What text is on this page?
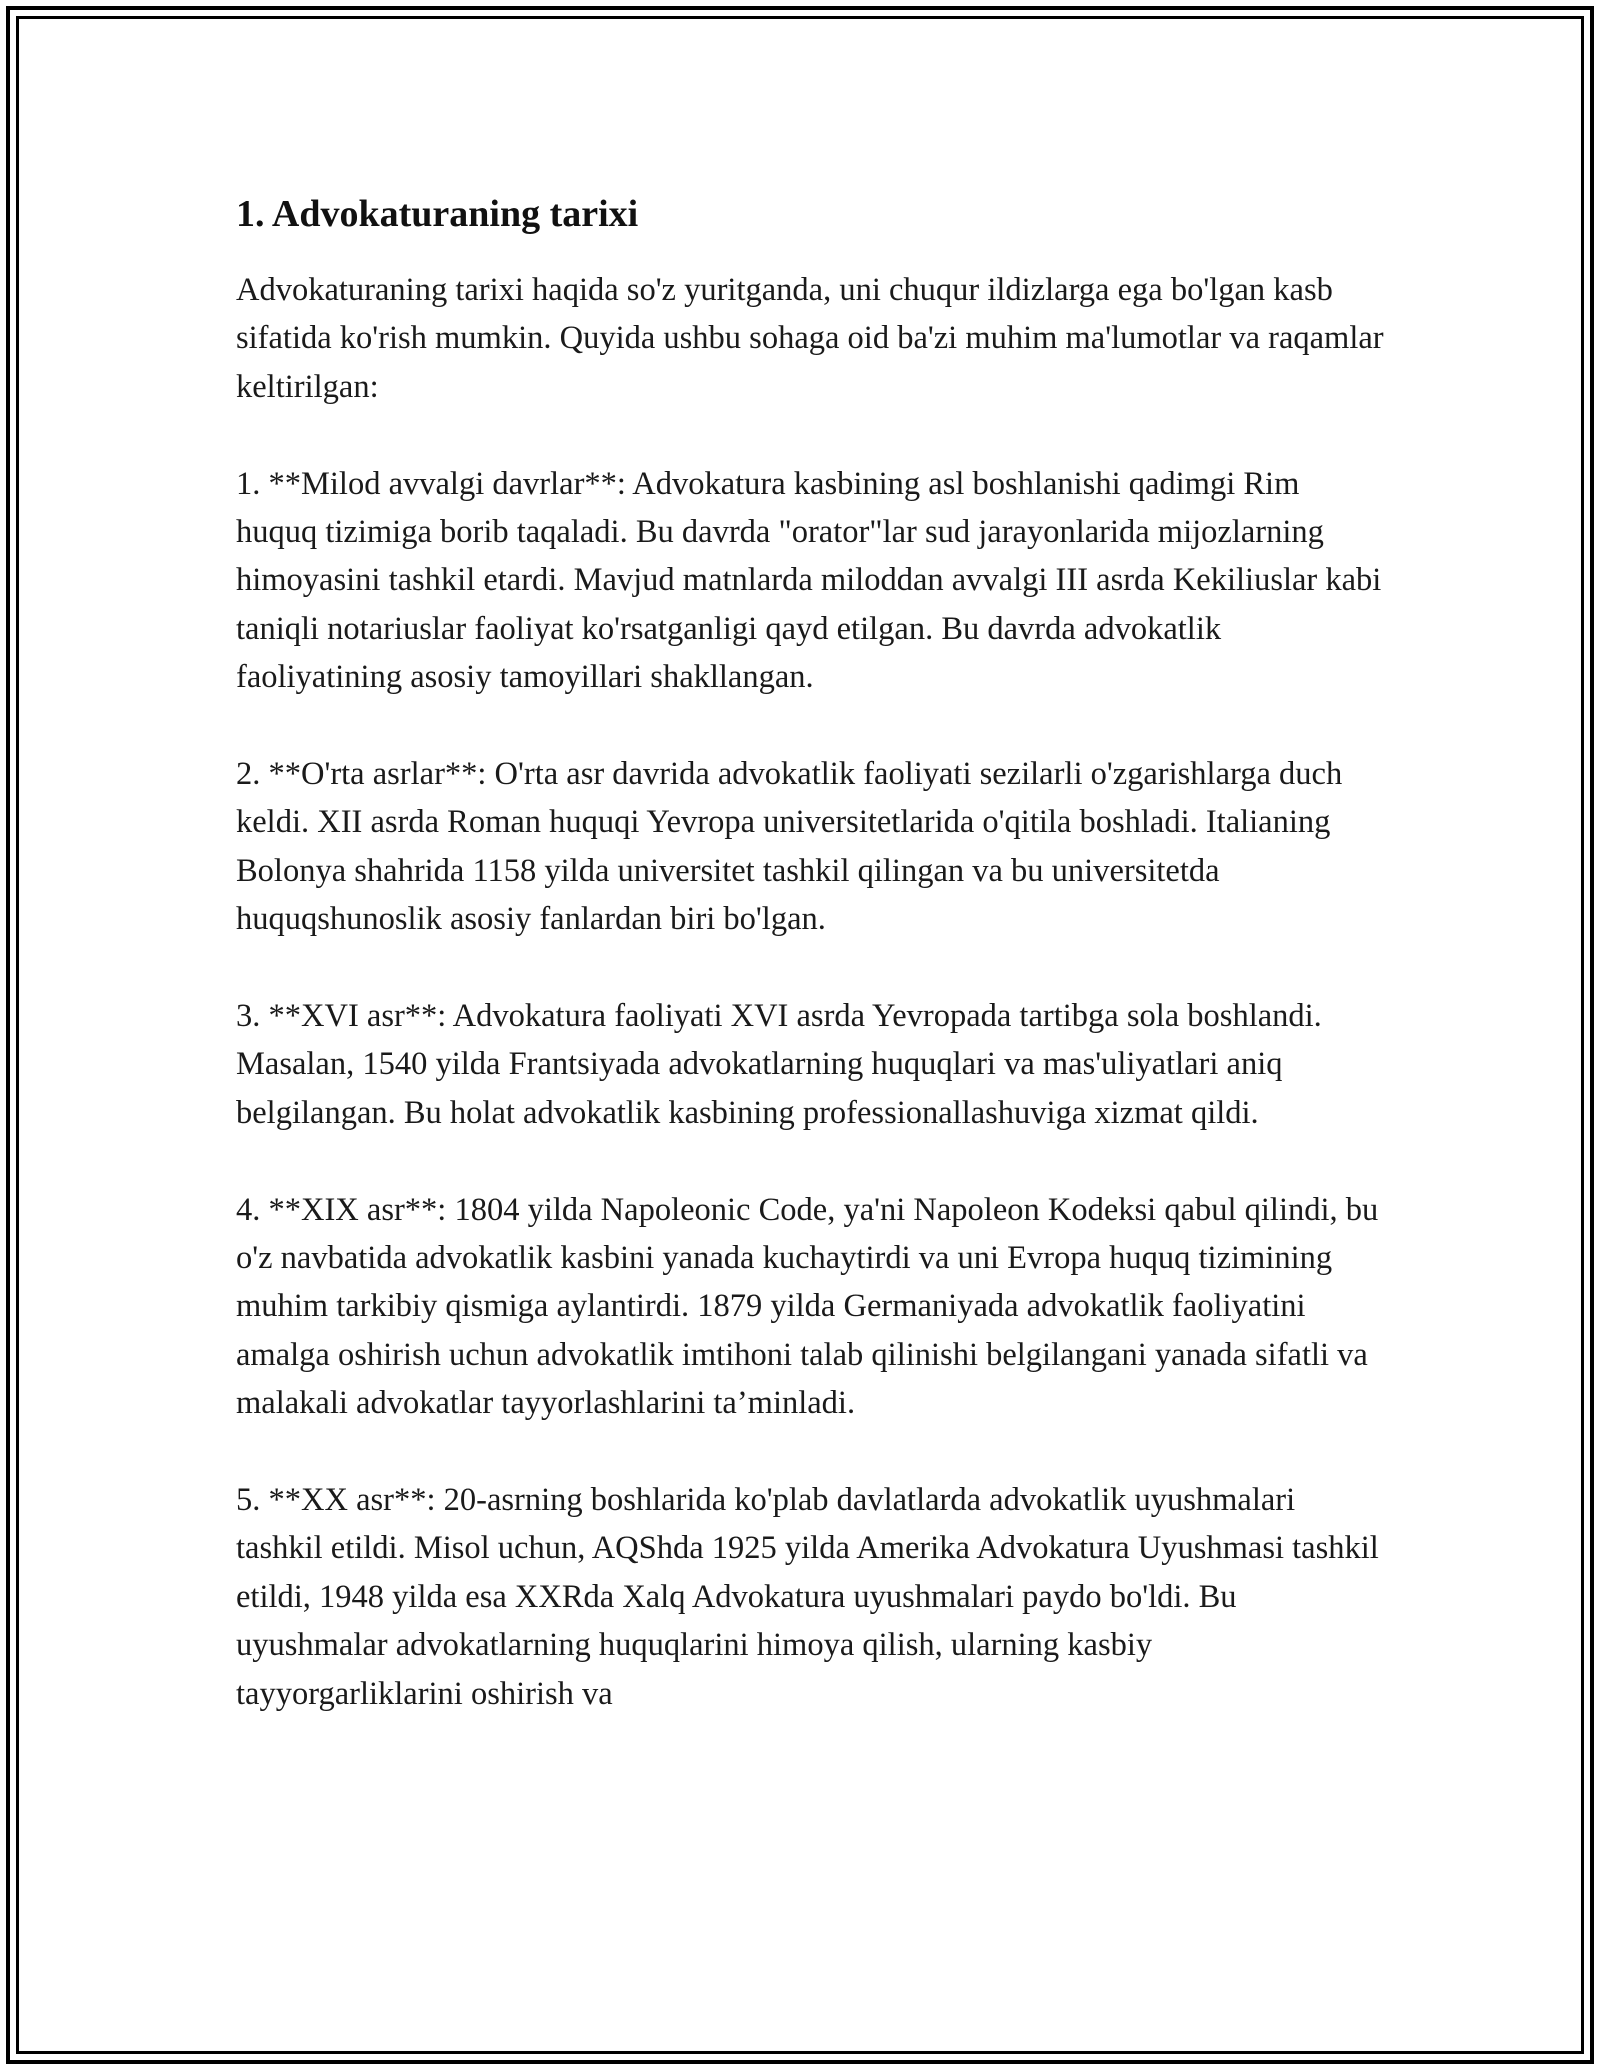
1. Advokaturaning tarixi

Advokaturaning tarixi haqida so'z yuritganda, uni chuqur ildizlarga ega bo'lgan kasb sifatida ko'rish mumkin. Quyida ushbu sohaga oid ba'zi muhim ma'lumotlar va raqamlar keltirilgan:

1. **Milod avvalgi davrlar**: Advokatura kasbining asl boshlanishi qadimgi Rim huquq tizimiga borib taqaladi. Bu davrda "orator"lar sud jarayonlarida mijozlarning himoyasini tashkil etardi. Mavjud matnlarda miloddan avvalgi III asrda Kekiliuslar kabi taniqli notariuslar faoliyat ko'rsatganligi qayd etilgan. Bu davrda advokatlik faoliyatining asosiy tamoyillari shakllangan.

2. **O'rta asrlar**: O'rta asr davrida advokatlik faoliyati sezilarli o'zgarishlarga duch keldi. XII asrda Roman huquqi Yevropa universitetlarida o'qitila boshladi. Italianing Bolonya shahrida 1158 yilda universitet tashkil qilingan va bu universitetda huquqshunoslik asosiy fanlardan biri bo'lgan.

3. **XVI asr**: Advokatura faoliyati XVI asrda Yevropada tartibga sola boshlandi. Masalan, 1540 yilda Frantsiyada advokatlarning huquqlari va mas'uliyatlari aniq belgilangan. Bu holat advokatlik kasbining professionallashuviga xizmat qildi.

4. **XIX asr**: 1804 yilda Napoleonic Code, ya'ni Napoleon Kodeksi qabul qilindi, bu o'z navbatida advokatlik kasbini yanada kuchaytirdi va uni Evropa huquq tizimining muhim tarkibiy qismiga aylantirdi. 1879 yilda Germaniyada advokatlik faoliyatini amalga oshirish uchun advokatlik imtihoni talab qilinishi belgilangani yanada sifatli va malakali advokatlar tayyorlashlarini ta’minladi.

5. **XX asr**: 20-asrning boshlarida ko'plab davlatlarda advokatlik uyushmalari tashkil etildi. Misol uchun, AQShda 1925 yilda Amerika Advokatura Uyushmasi tashkil etildi, 1948 yilda esa XXRda Xalq Advokatura uyushmalari paydo bo'ldi. Bu uyushmalar advokatlarning huquqlarini himoya qilish, ularning kasbiy tayyorgarliklarini oshirish va
